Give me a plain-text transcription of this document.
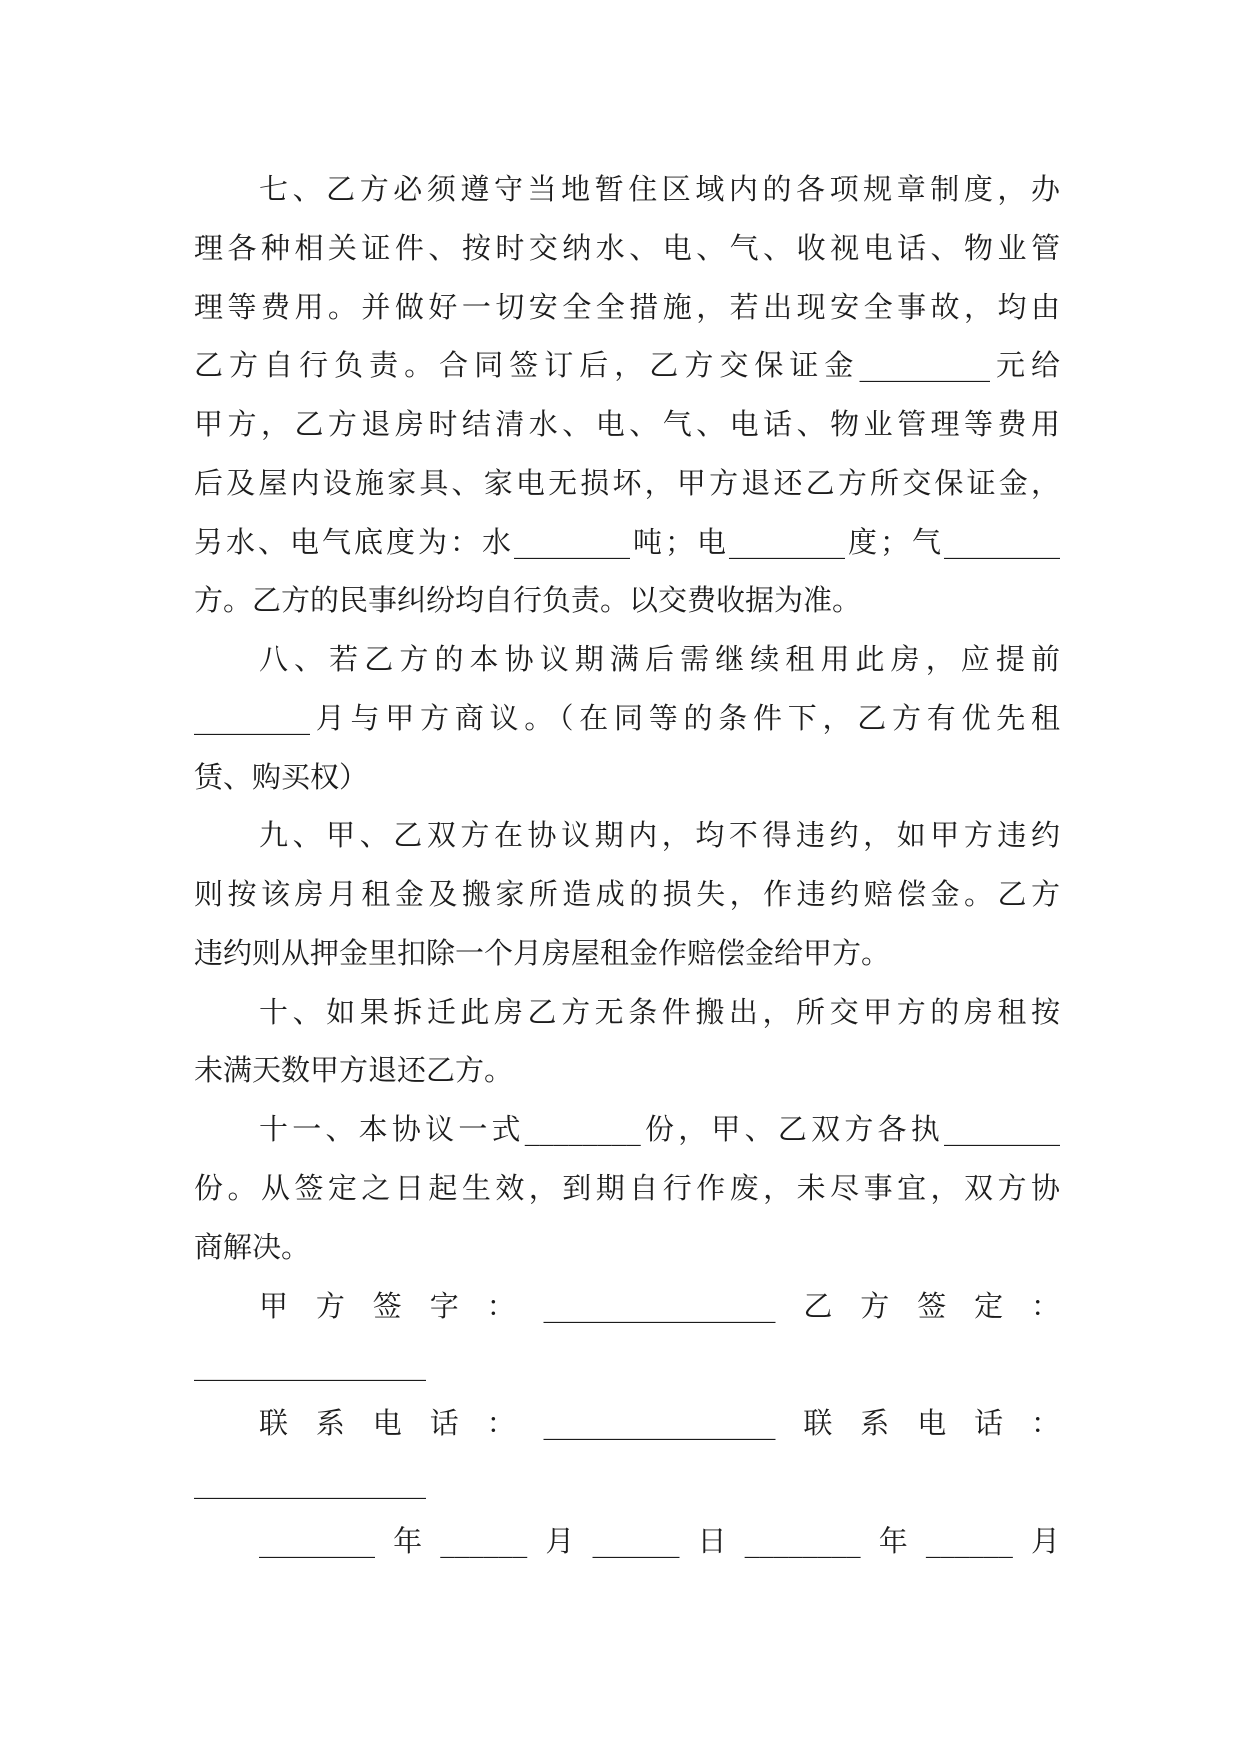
七、乙方必须遵守当地暂住区域内的各项规章制度，办
理各种相关证件、按时交纳水、电、气、收视电话、物业管
理等费用。并做好一切安全全措施，若出现安全事故，均由
乙方自行负责。合同签订后，乙方交保证金_________元给
甲方，乙方退房时结清水、电、气、电话、物业管理等费用
后及屋内设施家具、家电无损坏，甲方退还乙方所交保证金，
另水、电气底度为：水________吨；电________度；气________
方。乙方的民事纠纷均自行负责。以交费收据为准。
八、若乙方的本协议期满后需继续租用此房，应提前
________月与甲方商议。（在同等的条件下，乙方有优先租
赁、购买权）
九、甲、乙双方在协议期内，均不得违约，如甲方违约
则按该房月租金及搬家所造成的损失，作违约赔偿金。乙方
违约则从押金里扣除一个月房屋租金作赔偿金给甲方。
十、如果拆迁此房乙方无条件搬出，所交甲方的房租按
未满天数甲方退还乙方。
十一、本协议一式________份，甲、乙双方各执________
份。从签定之日起生效，到期自行作废，未尽事宜，双方协
商解决。
甲方签字：________________乙方签定：
________________
联系电话：________________联系电话：
________________
________年______月______日________年______月
